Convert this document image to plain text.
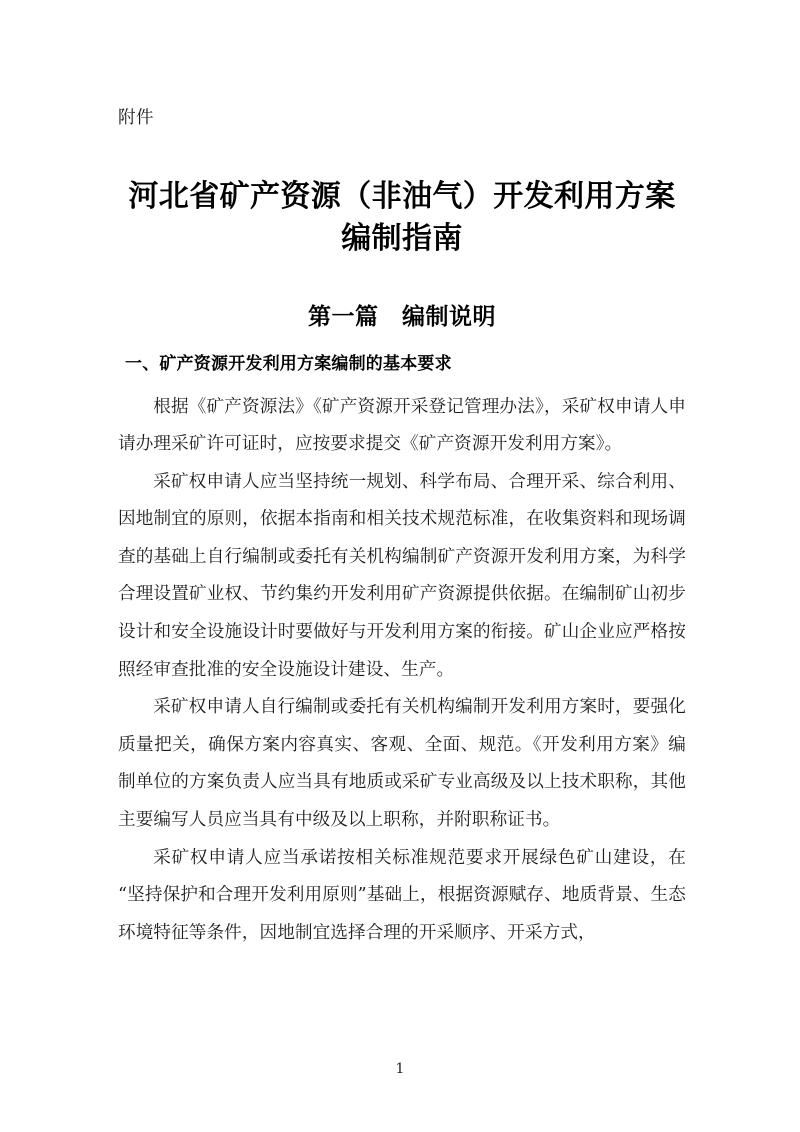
附件

河北省矿产资源（非油气）开发利用方案编制指南
第一篇　编制说明
一、矿产资源开发利用方案编制的基本要求

根据《矿产资源法》《矿产资源开采登记管理办法》，采矿权申请人申请办理采矿许可证时，应按要求提交《矿产资源开发利用方案》。

采矿权申请人应当坚持统一规划、科学布局、合理开采、综合利用、因地制宜的原则，依据本指南和相关技术规范标准，在收集资料和现场调查的基础上自行编制或委托有关机构编制矿产资源开发利用方案，为科学合理设置矿业权、节约集约开发利用矿产资源提供依据。在编制矿山初步设计和安全设施设计时要做好与开发利用方案的衔接。矿山企业应严格按照经审查批准的安全设施设计建设、生产。

采矿权申请人自行编制或委托有关机构编制开发利用方案时，要强化质量把关，确保方案内容真实、客观、全面、规范。《开发利用方案》编制单位的方案负责人应当具有地质或采矿专业高级及以上技术职称，其他主要编写人员应当具有中级及以上职称，并附职称证书。

采矿权申请人应当承诺按相关标准规范要求开展绿色矿山建设，在“坚持保护和合理开发利用原则”基础上，根据资源赋存、地质背景、生态环境特征等条件，因地制宜选择合理的开采顺序、开采方式，

1
